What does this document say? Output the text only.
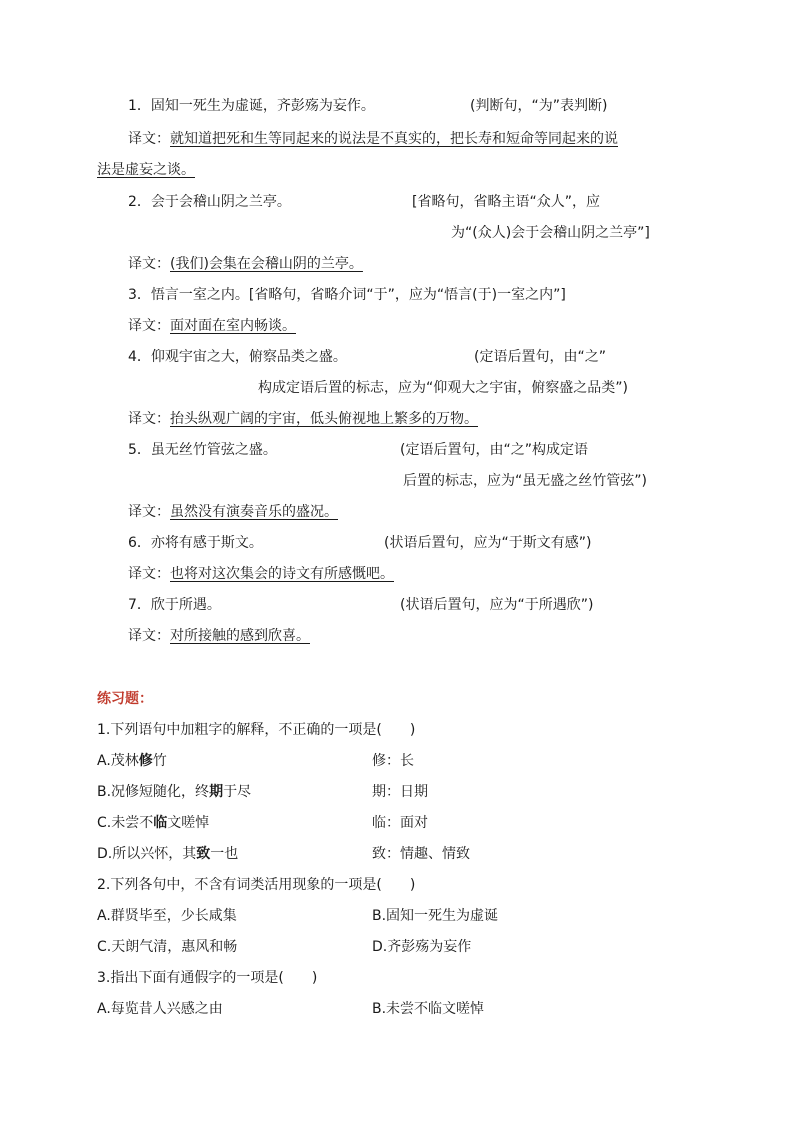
1．固知一死生为虚诞，齐彭殇为妄作。	(判断句，“为”表判断)
译文：就知道把死和生等同起来的说法是不真实的，把长寿和短命等同起来的说
法是虚妄之谈。
2．会于会稽山阴之兰亭。	[省略句，省略主语“众人”，应
为“(众人)会于会稽山阴之兰亭”]
译文：(我们)会集在会稽山阴的兰亭。
3．悟言一室之内。[省略句，省略介词“于”，应为“悟言(于)一室之内”]
译文：面对面在室内畅谈。
4．仰观宇宙之大，俯察品类之盛。	(定语后置句，由“之”
构成定语后置的标志，应为“仰观大之宇宙，俯察盛之品类”)
译文：抬头纵观广阔的宇宙，低头俯视地上繁多的万物。
5．虽无丝竹管弦之盛。	(定语后置句，由“之”构成定语
后置的标志，应为“虽无盛之丝竹管弦”)
译文：虽然没有演奏音乐的盛况。
6．亦将有感于斯文。	(状语后置句，应为“于斯文有感”)
译文：也将对这次集会的诗文有所感慨吧。
7．欣于所遇。	(状语后置句，应为“于所遇欣”)
译文：对所接触的感到欣喜。
练习题：
1.下列语句中加粗字的解释，不正确的一项是(　　)
A.茂林修竹	修：长
B.况修短随化，终期于尽	期：日期
C.未尝不临文嗟悼	临：面对
D.所以兴怀，其致一也	致：情趣、情致
2.下列各句中，不含有词类活用现象的一项是(　　)
A.群贤毕至，少长咸集	B.固知一死生为虚诞
C.天朗气清，惠风和畅	D.齐彭殇为妄作
3.指出下面有通假字的一项是(　　)
A.每览昔人兴感之由	B.未尝不临文嗟悼
